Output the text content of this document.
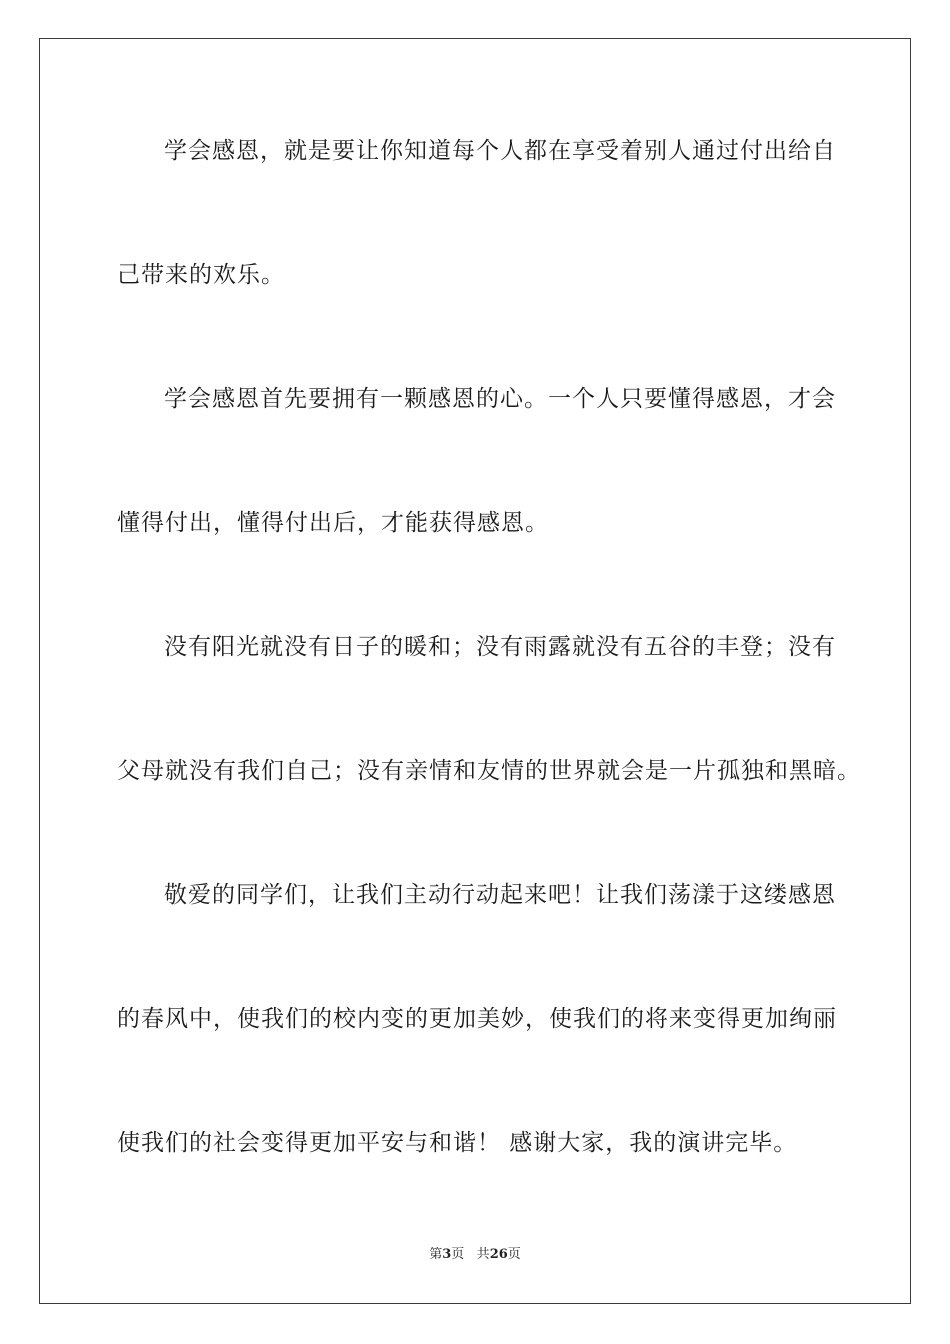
学会感恩，就是要让你知道每个人都在享受着别人通过付出给自
己带来的欢乐。
学会感恩首先要拥有一颗感恩的心。一个人只要懂得感恩，才会
懂得付出，懂得付出后，才能获得感恩。
没有阳光就没有日子的暖和；没有雨露就没有五谷的丰登；没有
父母就没有我们自己；没有亲情和友情的世界就会是一片孤独和黑暗。
敬爱的同学们，让我们主动行动起来吧！让我们荡漾于这缕感恩
的春风中，使我们的校内变的更加美妙，使我们的将来变得更加绚丽
使我们的社会变得更加平安与和谐！ 感谢大家，我的演讲完毕。
第3页 共26页
